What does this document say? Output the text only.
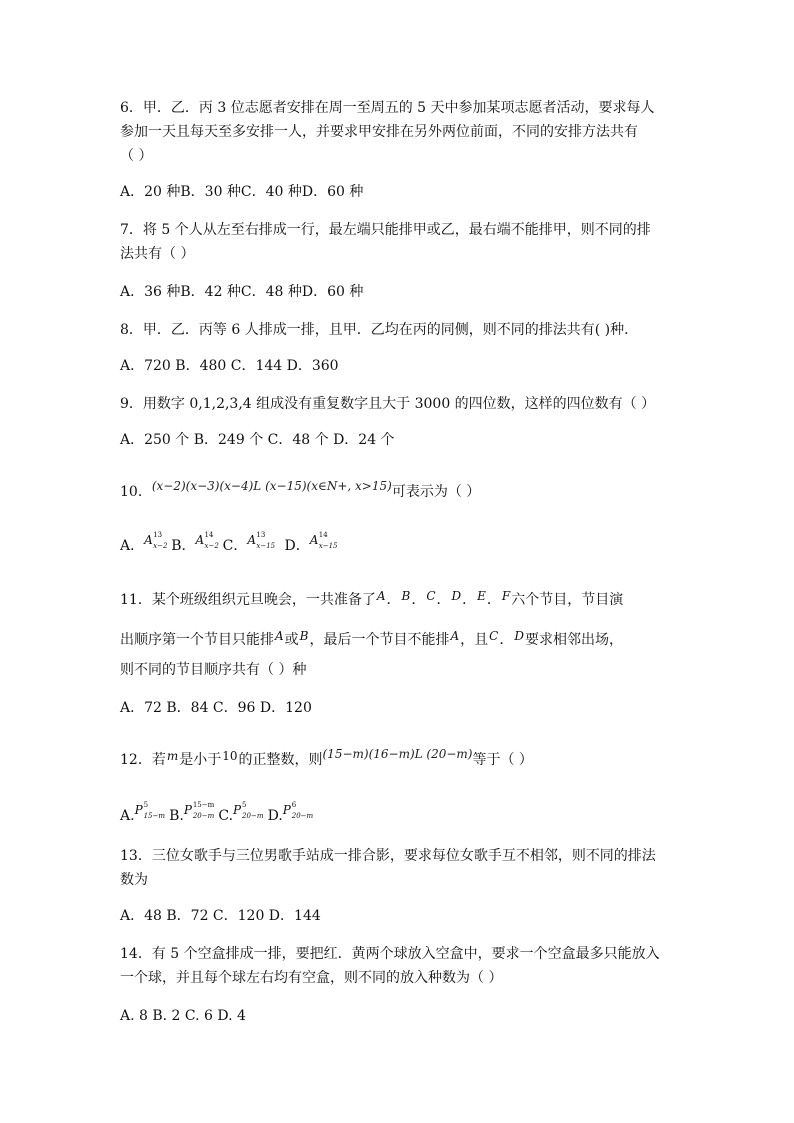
6．甲．乙．丙 3 位志愿者安排在周一至周五的 5 天中参加某项志愿者活动，要求每人
参加一天且每天至多安排一人，并要求甲安排在另外两位前面，不同的安排方法共有
（ ）
A．20 种B．30 种C．40 种D．60 种
7．将 5 个人从左至右排成一行，最左端只能排甲或乙，最右端不能排甲，则不同的排
法共有（ ）
A．36 种B．42 种C．48 种D．60 种
8．甲．乙．丙等 6 人排成一排，且甲．乙均在丙的同侧，则不同的排法共有( )种．
A．720 B．480 C．144 D．360
9．用数字 0,1,2,3,4 组成没有重复数字且大于 3000 的四位数，这样的四位数有（ ）
A．250 个 B．249 个 C．48 个 D．24 个
10．(x−2)(x−3)(x−4)L (x−15)(x∈N+, x>15)可表示为（ ）
A．A 13
x−2 B．A 14
x−2 C．A 13
x−15 D．A 14
x−15
11．某个班级组织元旦晚会，一共准备了A．B．C．D．E．F六个节目，节目演
出顺序第一个节目只能排A或B，最后一个节目不能排A，且C．D要求相邻出场，
则不同的节目顺序共有（ ）种
A．72 B．84 C．96 D．120
12．若m是小于10的正整数，则(15−m)(16−m)L (20−m)等于（ ）
A.P 5
15−m B.P 15−m
20−m C.P 5
20−m D.P 6
20−m
13．三位女歌手与三位男歌手站成一排合影，要求每位女歌手互不相邻，则不同的排法
数为
A．48 B．72 C．120 D．144
14．有 5 个空盒排成一排，要把红．黄两个球放入空盒中，要求一个空盒最多只能放入
一个球，并且每个球左右均有空盒，则不同的放入种数为（ ）
A. 8 B. 2 C. 6 D. 4
